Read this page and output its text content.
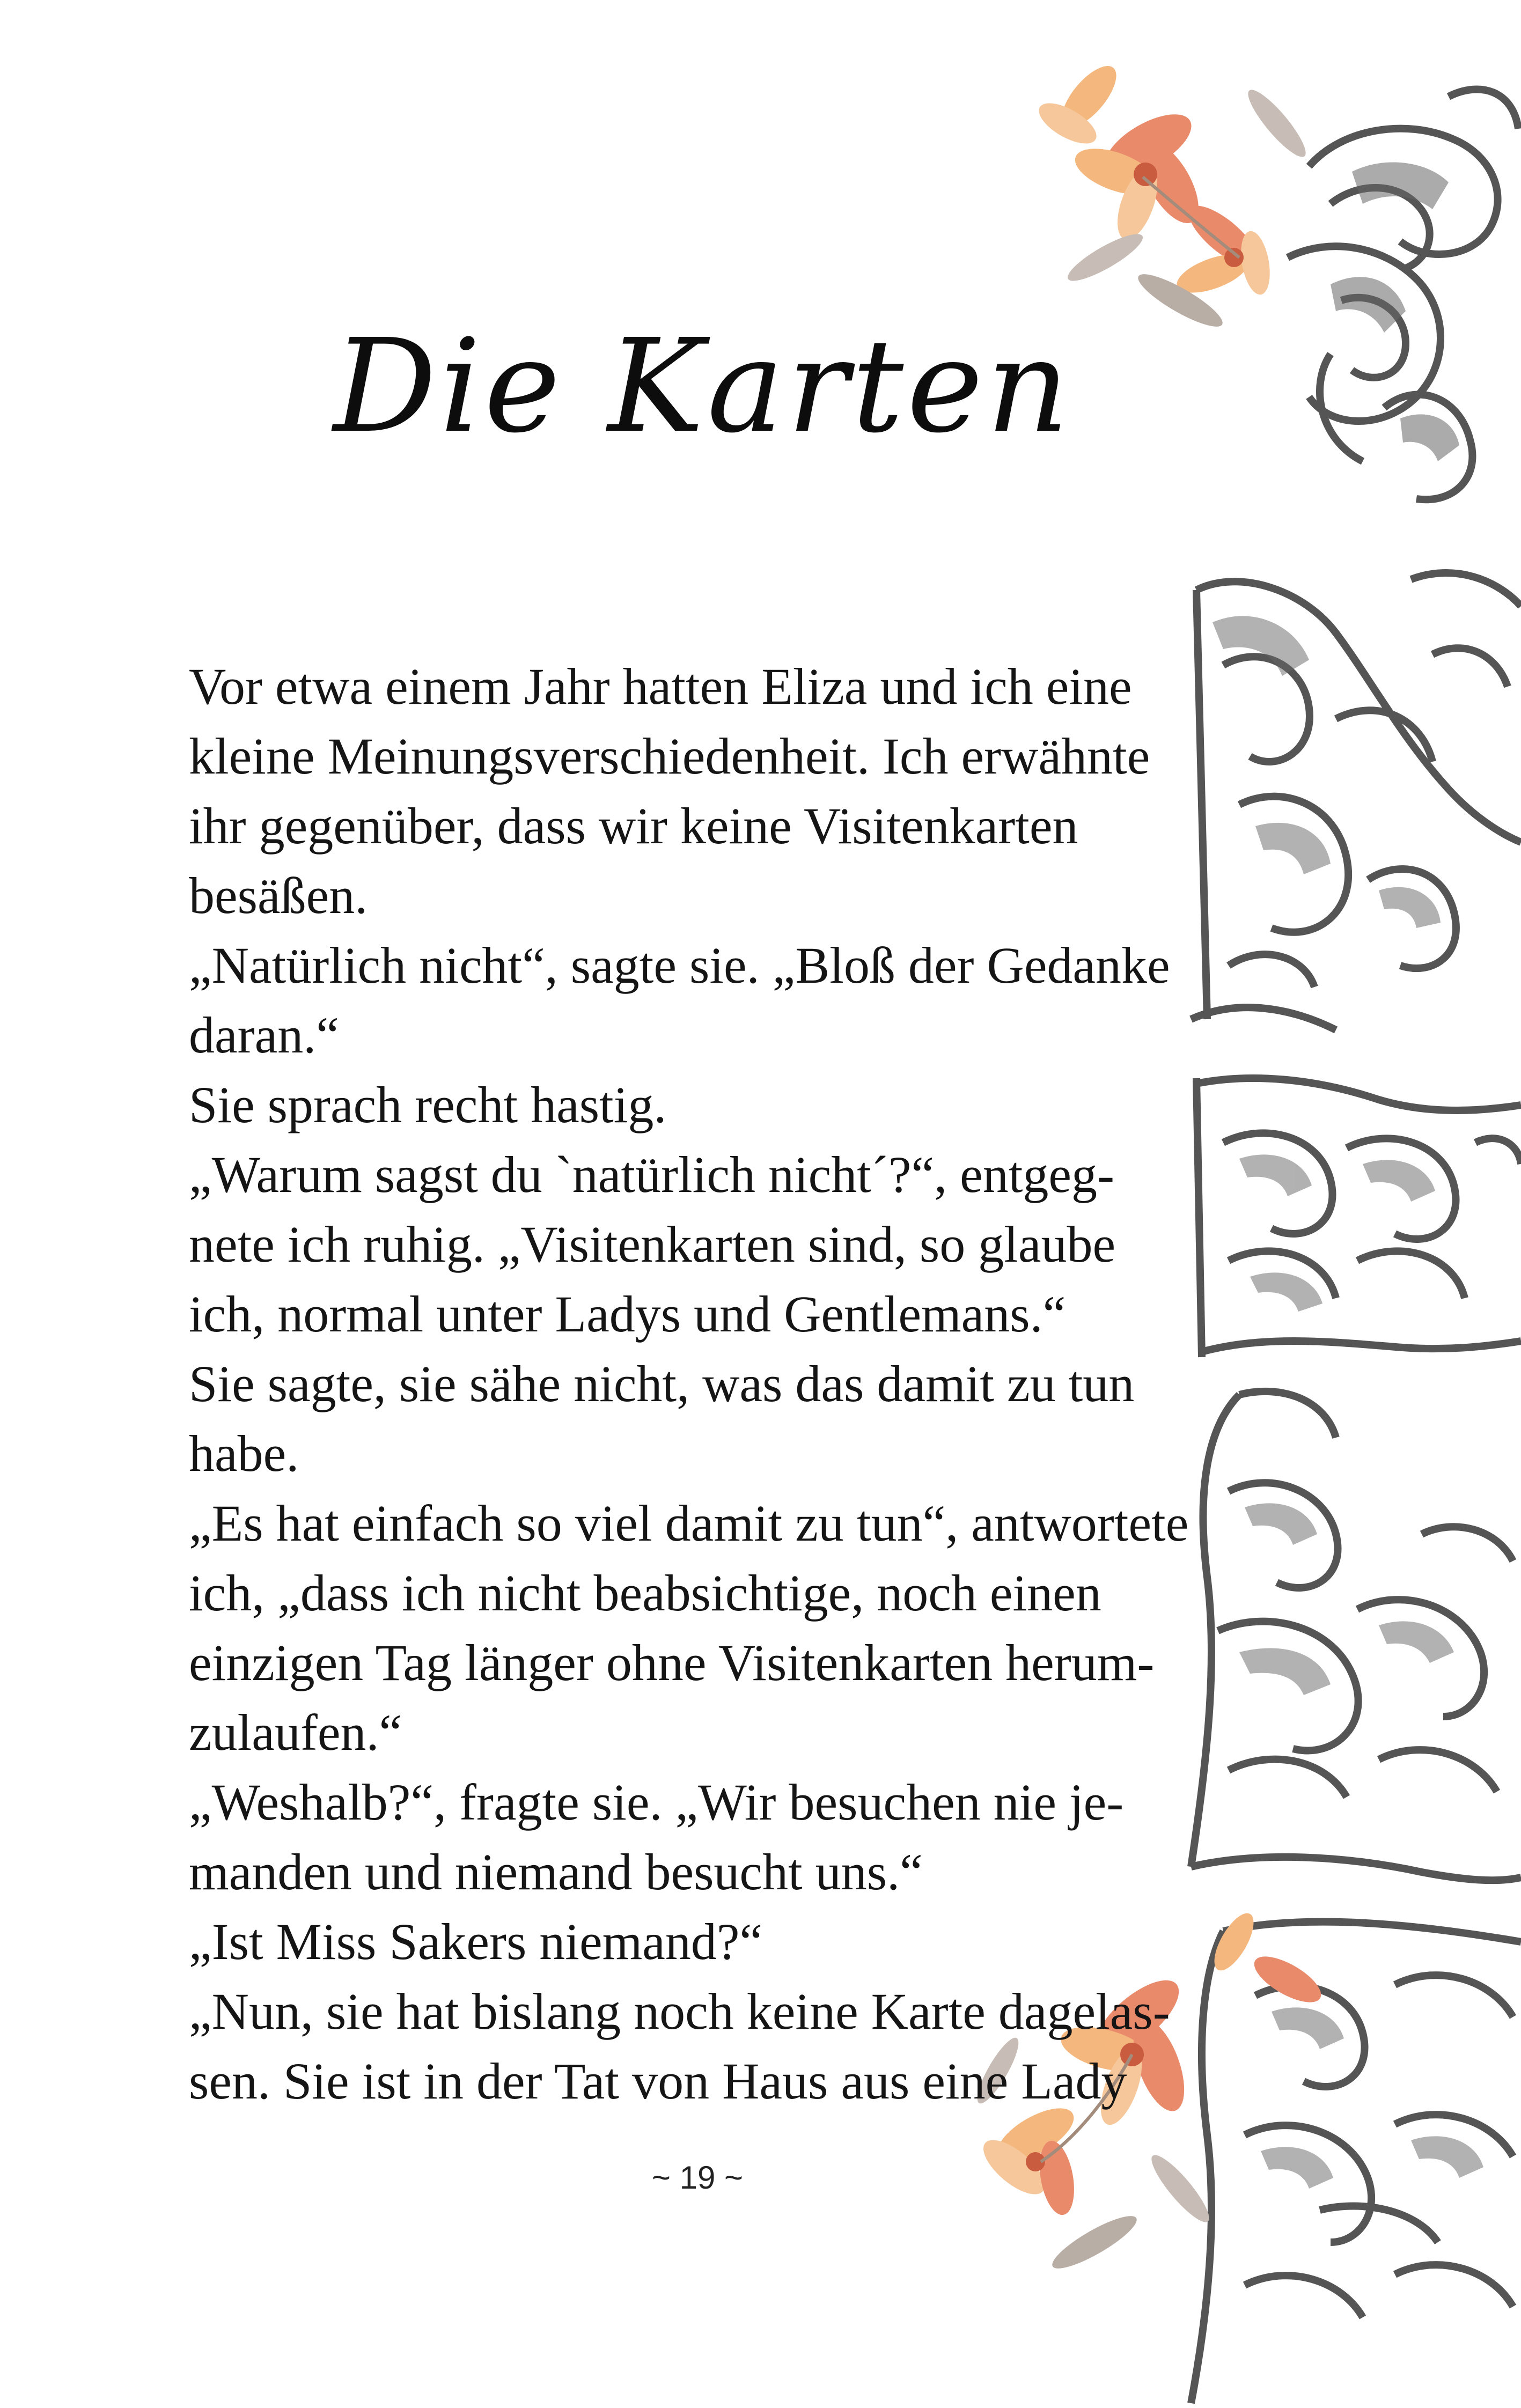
Die Karten
Vor etwa einem Jahr hatten Eliza und ich eine
kleine Meinungsverschiedenheit. Ich erwähnte
ihr gegenüber, dass wir keine Visitenkarten
besäßen.
„Natürlich nicht“, sagte sie. „Bloß der Gedanke
daran.“
Sie sprach recht hastig.
„Warum sagst du `natürlich nicht´?“, entgeg-
nete ich ruhig. „Visitenkarten sind, so glaube
ich, normal unter Ladys und Gentlemans.“
Sie sagte, sie sähe nicht, was das damit zu tun
habe.
„Es hat einfach so viel damit zu tun“, antwortete
ich, „dass ich nicht beabsichtige, noch einen
einzigen Tag länger ohne Visitenkarten herum-
zulaufen.“
„Weshalb?“, fragte sie. „Wir besuchen nie je-
manden und niemand besucht uns.“
„Ist Miss Sakers niemand?“
„Nun, sie hat bislang noch keine Karte dagelas-
sen. Sie ist in der Tat von Haus aus eine Lady
~ 19 ~
